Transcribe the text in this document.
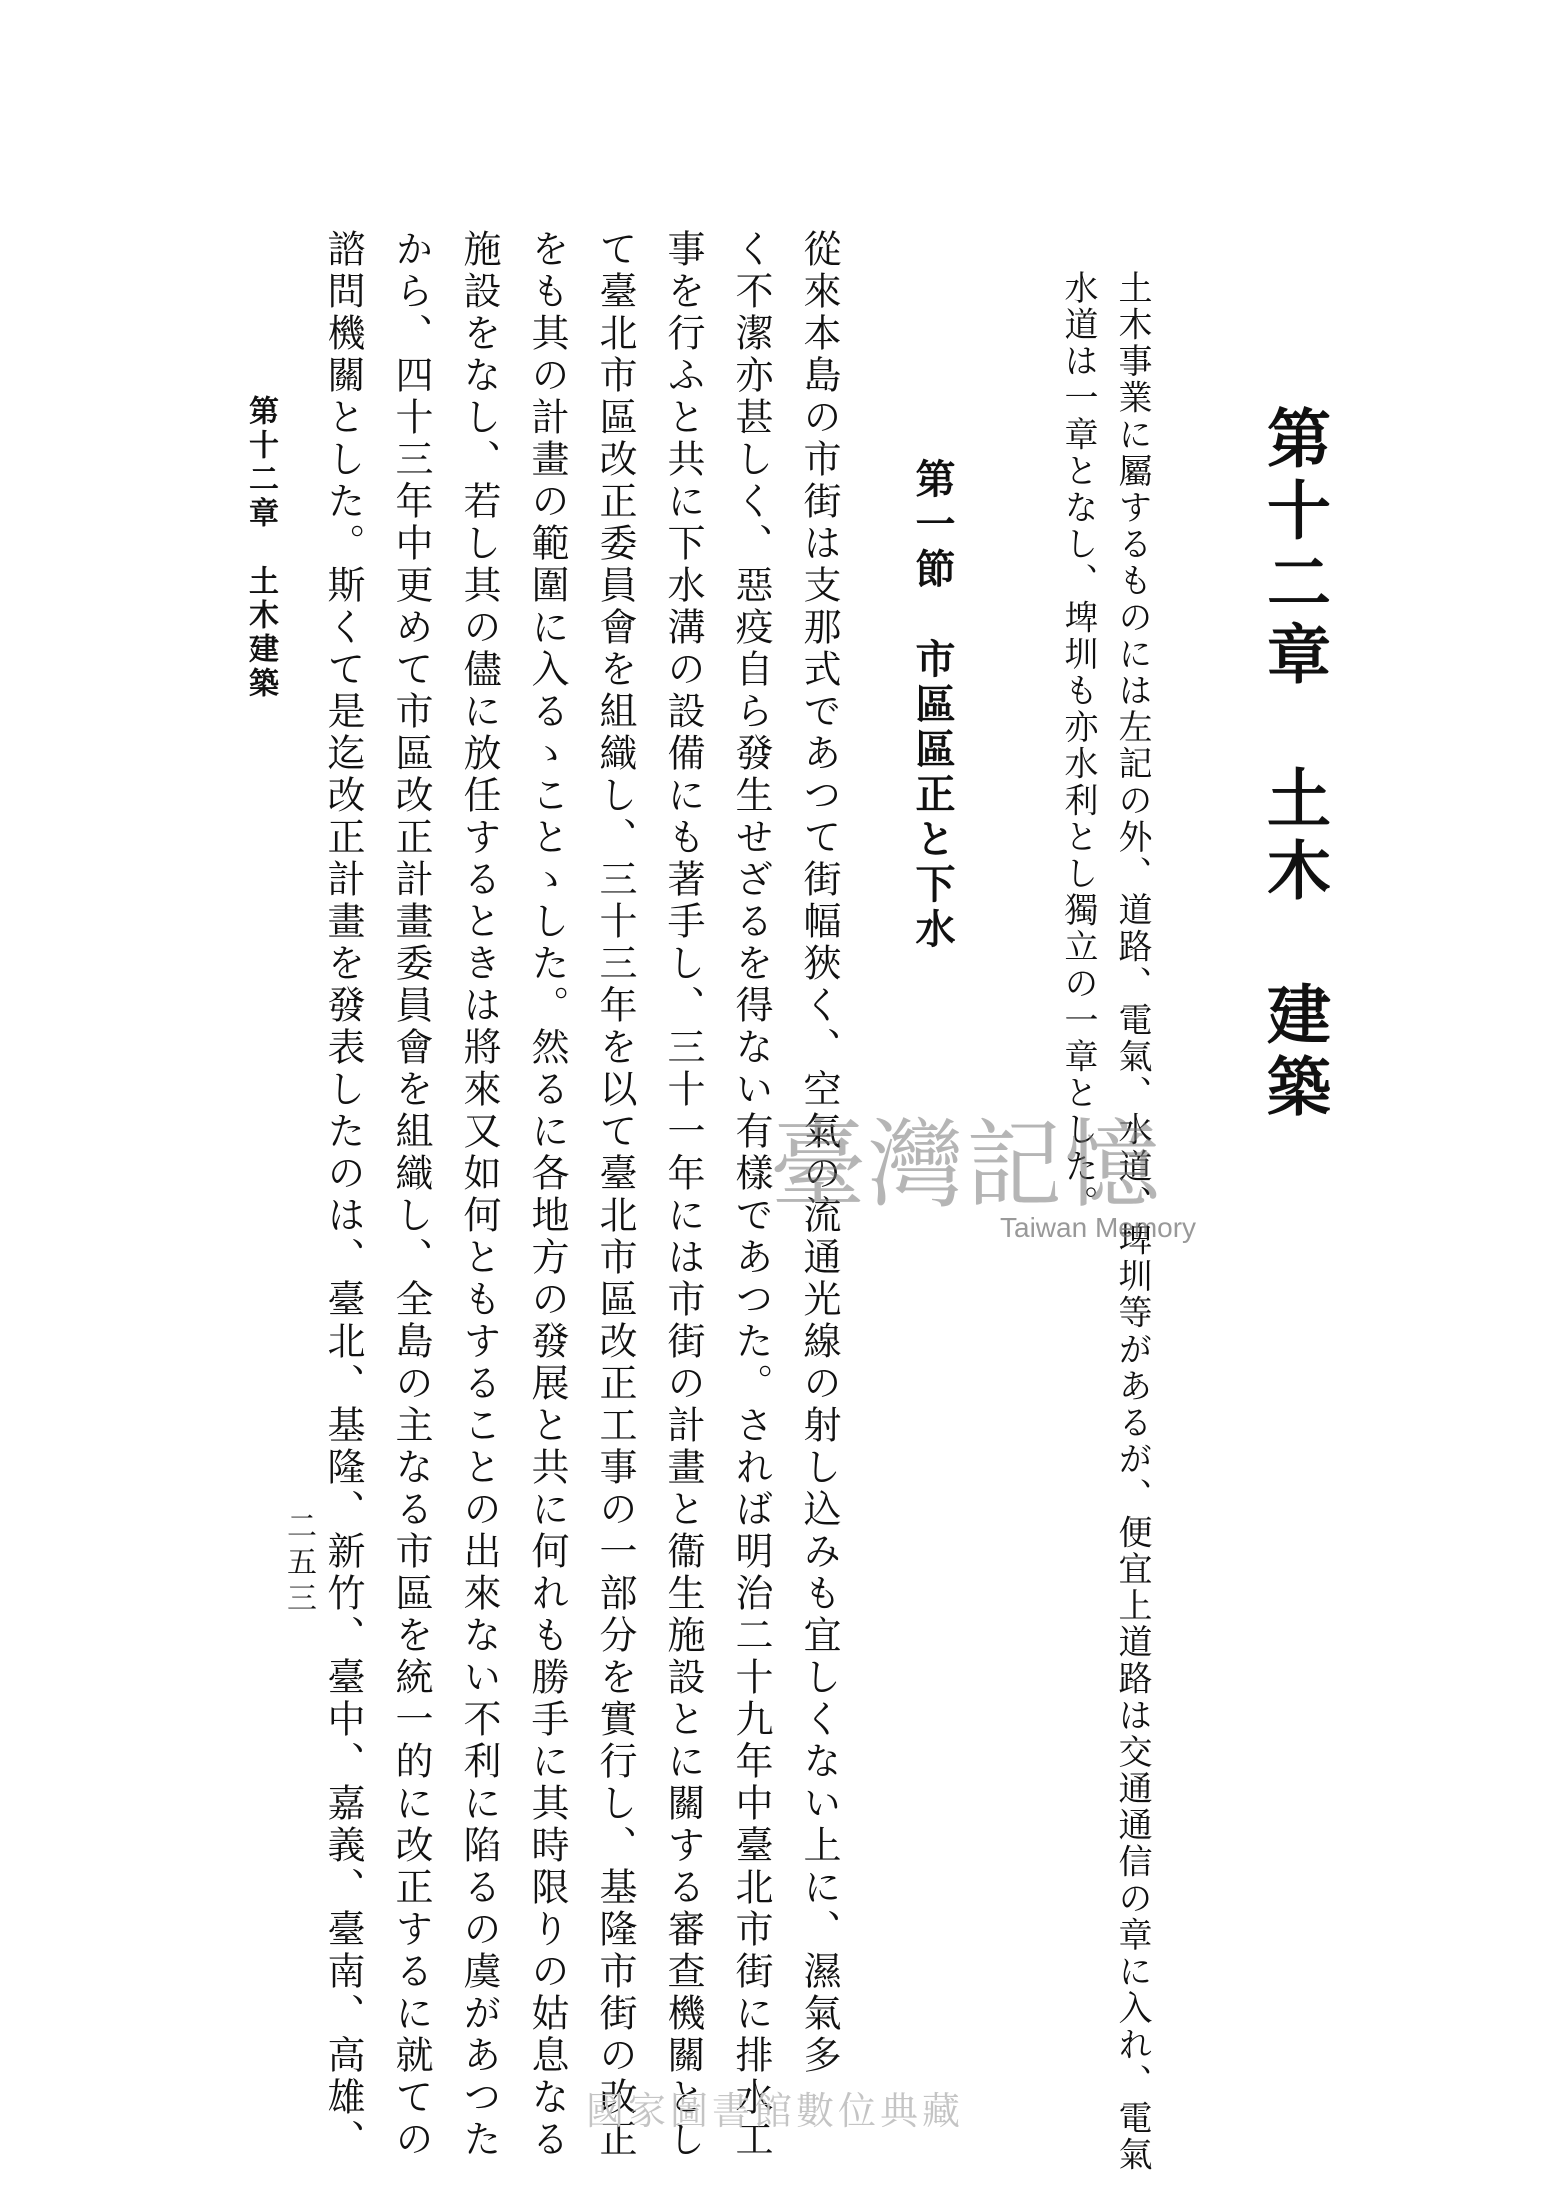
第十二章　土木　建築
土木事業に屬するものには左記の外、道路、電氣、水道、埤圳等があるが、便宜上道路は交通通信の章に入れ、電氣
水道は一章となし、埤圳も亦水利とし獨立の一章とした。
第一節　市區區正と下水
從來本島の市街は支那式であつて街幅狹く、空氣の流通光線の射し込みも宜しくない上に、濕氣多
く不潔亦甚しく、惡疫自ら發生せざるを得ない有樣であつた。されば明治二十九年中臺北市街に排水工
事を行ふと共に下水溝の設備にも著手し、三十一年には市街の計畫と衞生施設とに關する審查機關とし
て臺北市區改正委員會を組織し、三十三年を以て臺北市區改正工事の一部分を實行し、基隆市街の改正
をも其の計畫の範圍に入るゝことゝした。然るに各地方の發展と共に何れも勝手に其時限りの姑息なる
施設をなし、若し其の儘に放任するときは將來又如何ともすることの出來ない不利に陷るの虞があつた
から、四十三年中更めて市區改正計畫委員會を組織し、全島の主なる市區を統一的に改正するに就ての
諮問機關とした。斯くて是迄改正計畫を發表したのは、臺北、基隆、新竹、臺中、嘉義、臺南、高雄、
第十二章　土木建築
二五三
臺灣記憶
Taiwan Memory
國家圖書館數位典藏
